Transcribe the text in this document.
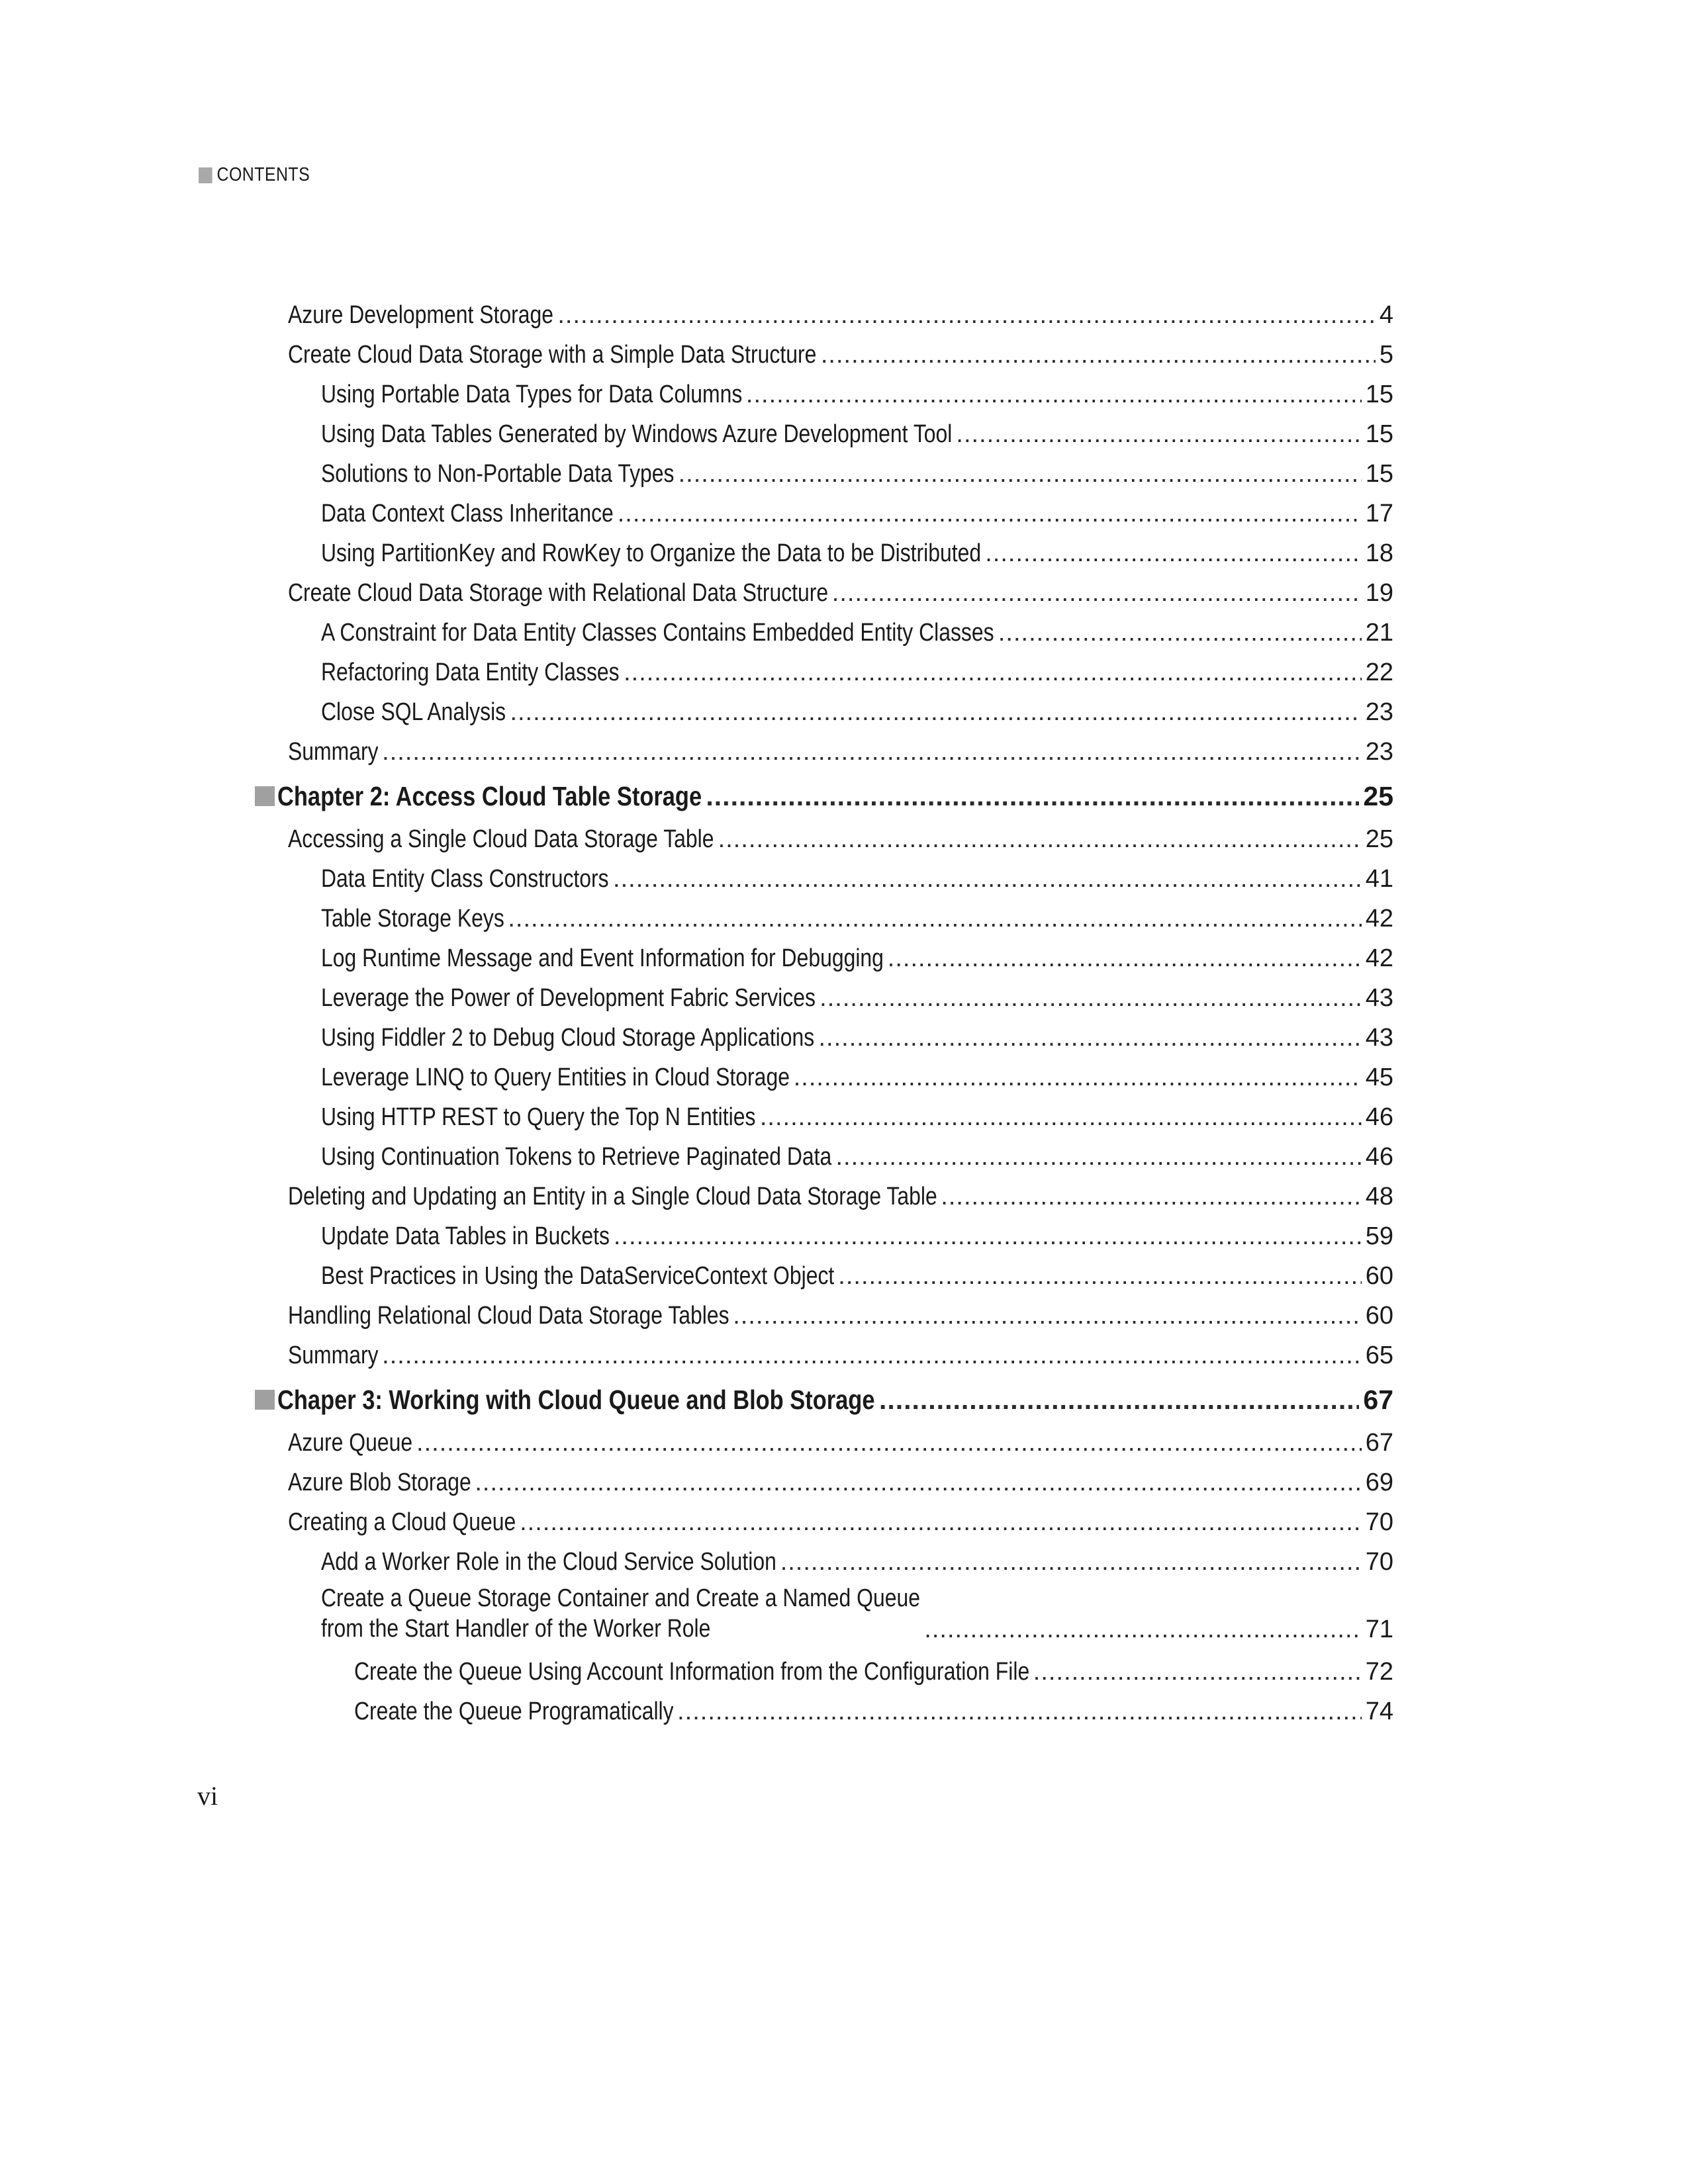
CONTENTS
Azure Development Storage .....	4
Create Cloud Data Storage with a Simple Data Structure .....	5
Using Portable Data Types for Data Columns .....	15
Using Data Tables Generated by Windows Azure Development Tool .....	15
Solutions to Non-Portable Data Types .....	15
Data Context Class Inheritance .....	17
Using PartitionKey and RowKey to Organize the Data to be Distributed .....	18
Create Cloud Data Storage with Relational Data Structure .....	19
A Constraint for Data Entity Classes Contains Embedded Entity Classes .....	21
Refactoring Data Entity Classes .....	22
Close SQL Analysis .....	23
Summary .....	23
Chapter 2: Access Cloud Table Storage .....	25
Accessing a Single Cloud Data Storage Table .....	25
Data Entity Class Constructors .....	41
Table Storage Keys .....	42
Log Runtime Message and Event Information for Debugging .....	42
Leverage the Power of Development Fabric Services .....	43
Using Fiddler 2 to Debug Cloud Storage Applications .....	43
Leverage LINQ to Query Entities in Cloud Storage .....	45
Using HTTP REST to Query the Top N Entities .....	46
Using Continuation Tokens to Retrieve Paginated Data .....	46
Deleting and Updating an Entity in a Single Cloud Data Storage Table .....	48
Update Data Tables in Buckets .....	59
Best Practices in Using the DataServiceContext Object .....	60
Handling Relational Cloud Data Storage Tables .....	60
Summary .....	65
Chaper 3: Working with Cloud Queue and Blob Storage .....	67
Azure Queue .....	67
Azure Blob Storage .....	69
Creating a Cloud Queue .....	70
Add a Worker Role in the Cloud Service Solution .....	70
Create a Queue Storage Container and Create a Named Queue
from the Start Handler of the Worker Role .....	71
Create the Queue Using Account Information from the Configuration File .....	72
Create the Queue Programatically .....	74
vi
